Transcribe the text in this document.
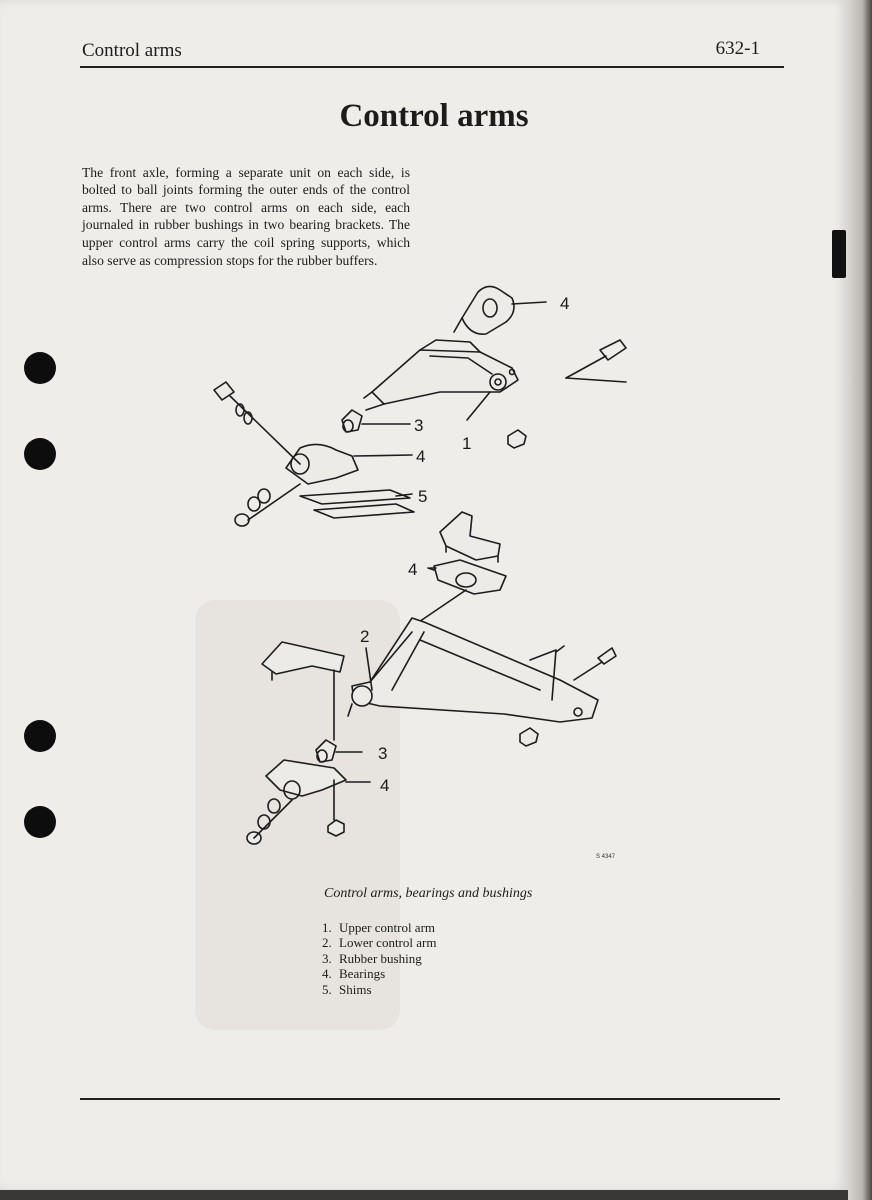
Control arms	632-1
Control arms

The front axle, forming a separate unit on each side, is bolted to ball joints forming the outer ends of the control arms. There are two control arms on each side, each journaled in rubber bushings in two bearing brackets. The upper control arms carry the coil spring supports, which also serve as compression stops for the rubber buffers.

4
3
4
1
5
4
2
3
4
S 4347
Control arms, bearings and bushings
1. Upper control arm
2. Lower control arm
3. Rubber bushing
4. Bearings
5. Shims
